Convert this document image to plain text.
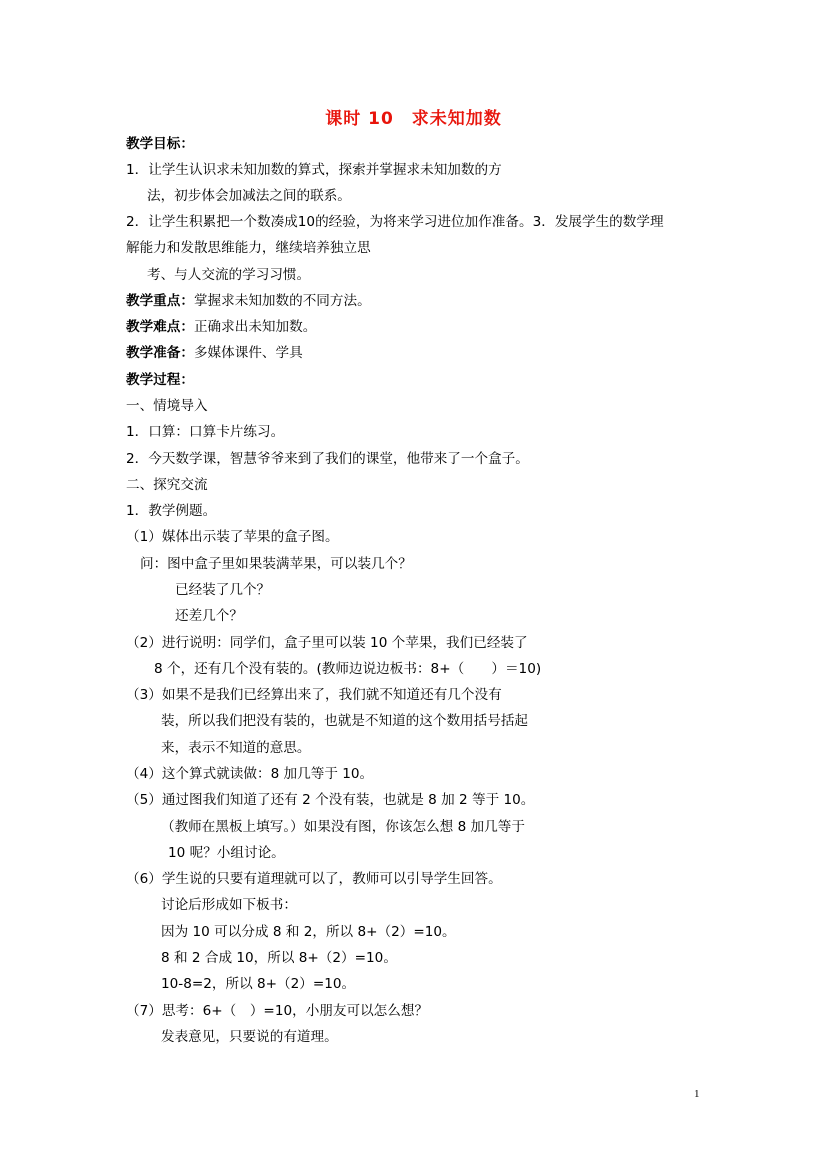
课时 10　求未知加数
教学目标：
1．让学生认识求未知加数的算式，探索并掌握求未知加数的方
法，初步体会加减法之间的联系。
2．让学生积累把一个数凑成10的经验，为将来学习进位加作准备。3．发展学生的数学理
解能力和发散思维能力，继续培养独立思
考、与人交流的学习习惯。
教学重点：掌握求未知加数的不同方法。
教学难点：正确求出未知加数。
教学准备：多媒体课件、学具
教学过程：
一、情境导入
1．口算：口算卡片练习。
2．今天数学课，智慧爷爷来到了我们的课堂，他带来了一个盒子。
二、探究交流
1．教学例题。
（1）媒体出示装了苹果的盒子图。
问：图中盒子里如果装满苹果，可以装几个？
已经装了几个？
还差几个？
（2）进行说明：同学们，盒子里可以装 10 个苹果，我们已经装了
8 个，还有几个没有装的。(教师边说边板书：8+（　　）＝10)
（3）如果不是我们已经算出来了，我们就不知道还有几个没有
装，所以我们把没有装的，也就是不知道的这个数用括号括起
来，表示不知道的意思。
（4）这个算式就读做：8 加几等于 10。
（5）通过图我们知道了还有 2 个没有装，也就是 8 加 2 等于 10。
（教师在黑板上填写。）如果没有图，你该怎么想 8 加几等于
10 呢？小组讨论。
（6）学生说的只要有道理就可以了，教师可以引导学生回答。
讨论后形成如下板书：
因为 10 可以分成 8 和 2，所以 8+（2）=10。
8 和 2 合成 10，所以 8+（2）=10。
10-8=2，所以 8+（2）=10。
（7）思考：6+（　）=10，小朋友可以怎么想？
发表意见，只要说的有道理。
1
